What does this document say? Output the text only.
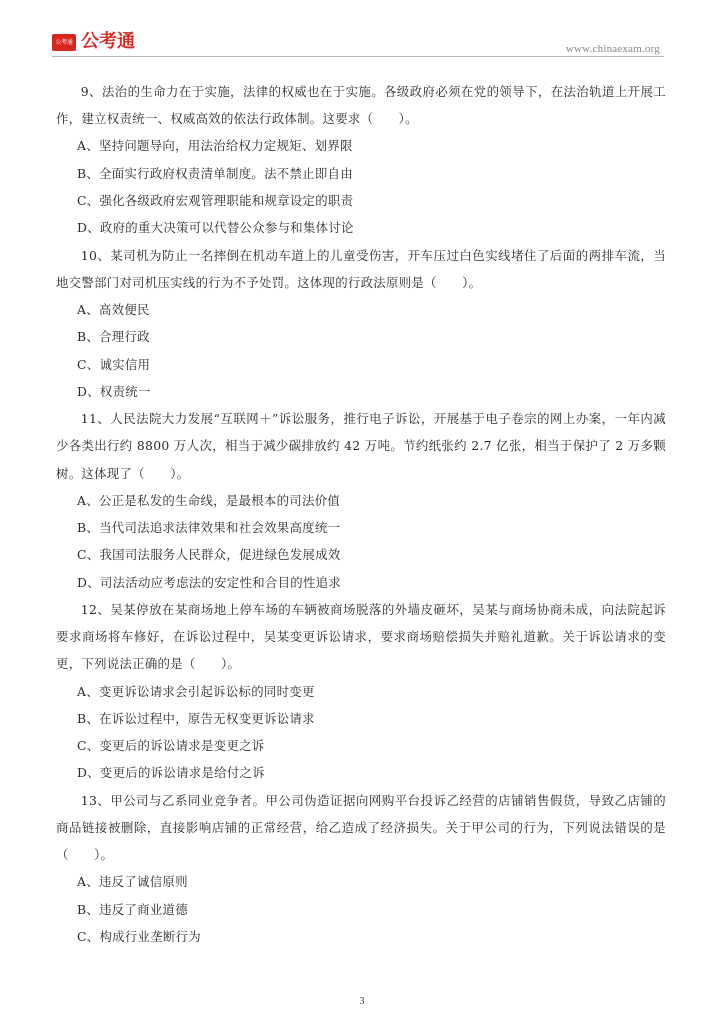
公考通 公考通	www.chinaexam.org

9、法治的生命力在于实施，法律的权威也在于实施。各级政府必须在党的领导下，在法治轨道上开展工作，建立权责统一、权威高效的依法行政体制。这要求（　　）。

A、坚持问题导向，用法治给权力定规矩、划界限

B、全面实行政府权责清单制度。法不禁止即自由

C、强化各级政府宏观管理职能和规章设定的职责

D、政府的重大决策可以代替公众参与和集体讨论

10、某司机为防止一名摔倒在机动车道上的儿童受伤害，开车压过白色实线堵住了后面的两排车流，当地交警部门对司机压实线的行为不予处罚。这体现的行政法原则是（　　）。

A、高效便民

B、合理行政

C、诚实信用

D、权责统一

11、人民法院大力发展“互联网＋”诉讼服务，推行电子诉讼，开展基于电子卷宗的网上办案，一年内减少各类出行约 8800 万人次，相当于减少碳排放约 42 万吨。节约纸张约 2.7 亿张，相当于保护了 2 万多颗树。这体现了（　　）。

A、公正是私发的生命线，是最根本的司法价值

B、当代司法追求法律效果和社会效果高度统一

C、我国司法服务人民群众，促进绿色发展成效

D、司法活动应考虑法的安定性和合目的性追求

12、吴某停放在某商场地上停车场的车辆被商场脱落的外墙皮砸坏，吴某与商场协商未成，向法院起诉要求商场将车修好，在诉讼过程中，吴某变更诉讼请求，要求商场赔偿损失并赔礼道歉。关于诉讼请求的变更，下列说法正确的是（　　）。

A、变更诉讼请求会引起诉讼标的同时变更

B、在诉讼过程中，原告无权变更诉讼请求

C、变更后的诉讼请求是变更之诉

D、变更后的诉讼请求是给付之诉

13、甲公司与乙系同业竞争者。甲公司伪造证据向网购平台投诉乙经营的店铺销售假货，导致乙店铺的商品链接被删除，直接影响店铺的正常经营，给乙造成了经济损失。关于甲公司的行为，下列说法错误的是（　　）。

A、违反了诚信原则

B、违反了商业道德

C、构成行业垄断行为

3
